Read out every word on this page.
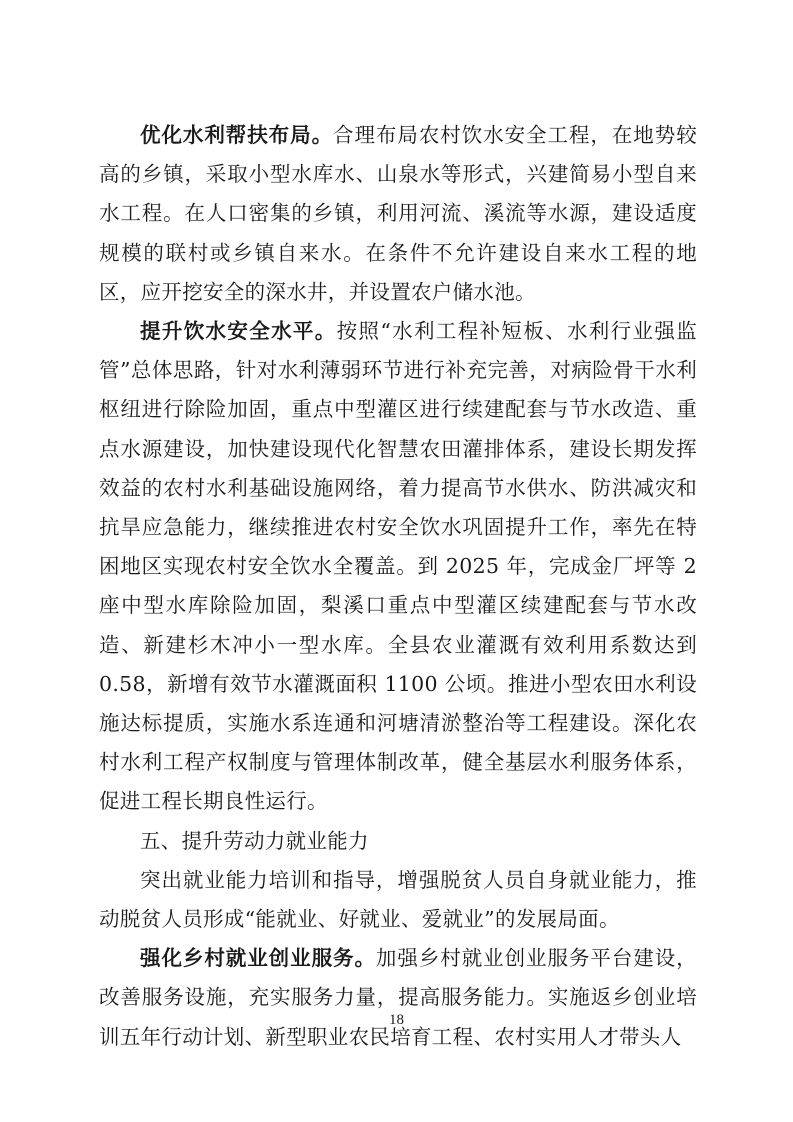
优化水利帮扶布局。合理布局农村饮水安全工程，在地势较高的乡镇，采取小型水库水、山泉水等形式，兴建简易小型自来水工程。在人口密集的乡镇，利用河流、溪流等水源，建设适度规模的联村或乡镇自来水。在条件不允许建设自来水工程的地区，应开挖安全的深水井，并设置农户储水池。

提升饮水安全水平。按照“水利工程补短板、水利行业强监管”总体思路，针对水利薄弱环节进行补充完善，对病险骨干水利枢纽进行除险加固，重点中型灌区进行续建配套与节水改造、重点水源建设，加快建设现代化智慧农田灌排体系，建设长期发挥效益的农村水利基础设施网络，着力提高节水供水、防洪减灾和抗旱应急能力，继续推进农村安全饮水巩固提升工作，率先在特困地区实现农村安全饮水全覆盖。到 2025 年，完成金厂坪等 2 座中型水库除险加固，梨溪口重点中型灌区续建配套与节水改造、新建杉木冲小一型水库。全县农业灌溉有效利用系数达到 0.58，新增有效节水灌溉面积 1100 公顷。推进小型农田水利设施达标提质，实施水系连通和河塘清淤整治等工程建设。深化农村水利工程产权制度与管理体制改革，健全基层水利服务体系，促进工程长期良性运行。

五、提升劳动力就业能力

突出就业能力培训和指导，增强脱贫人员自身就业能力，推动脱贫人员形成“能就业、好就业、爱就业”的发展局面。

强化乡村就业创业服务。加强乡村就业创业服务平台建设，改善服务设施，充实服务力量，提高服务能力。实施返乡创业培训五年行动计划、新型职业农民培育工程、农村实用人才带头人

18
